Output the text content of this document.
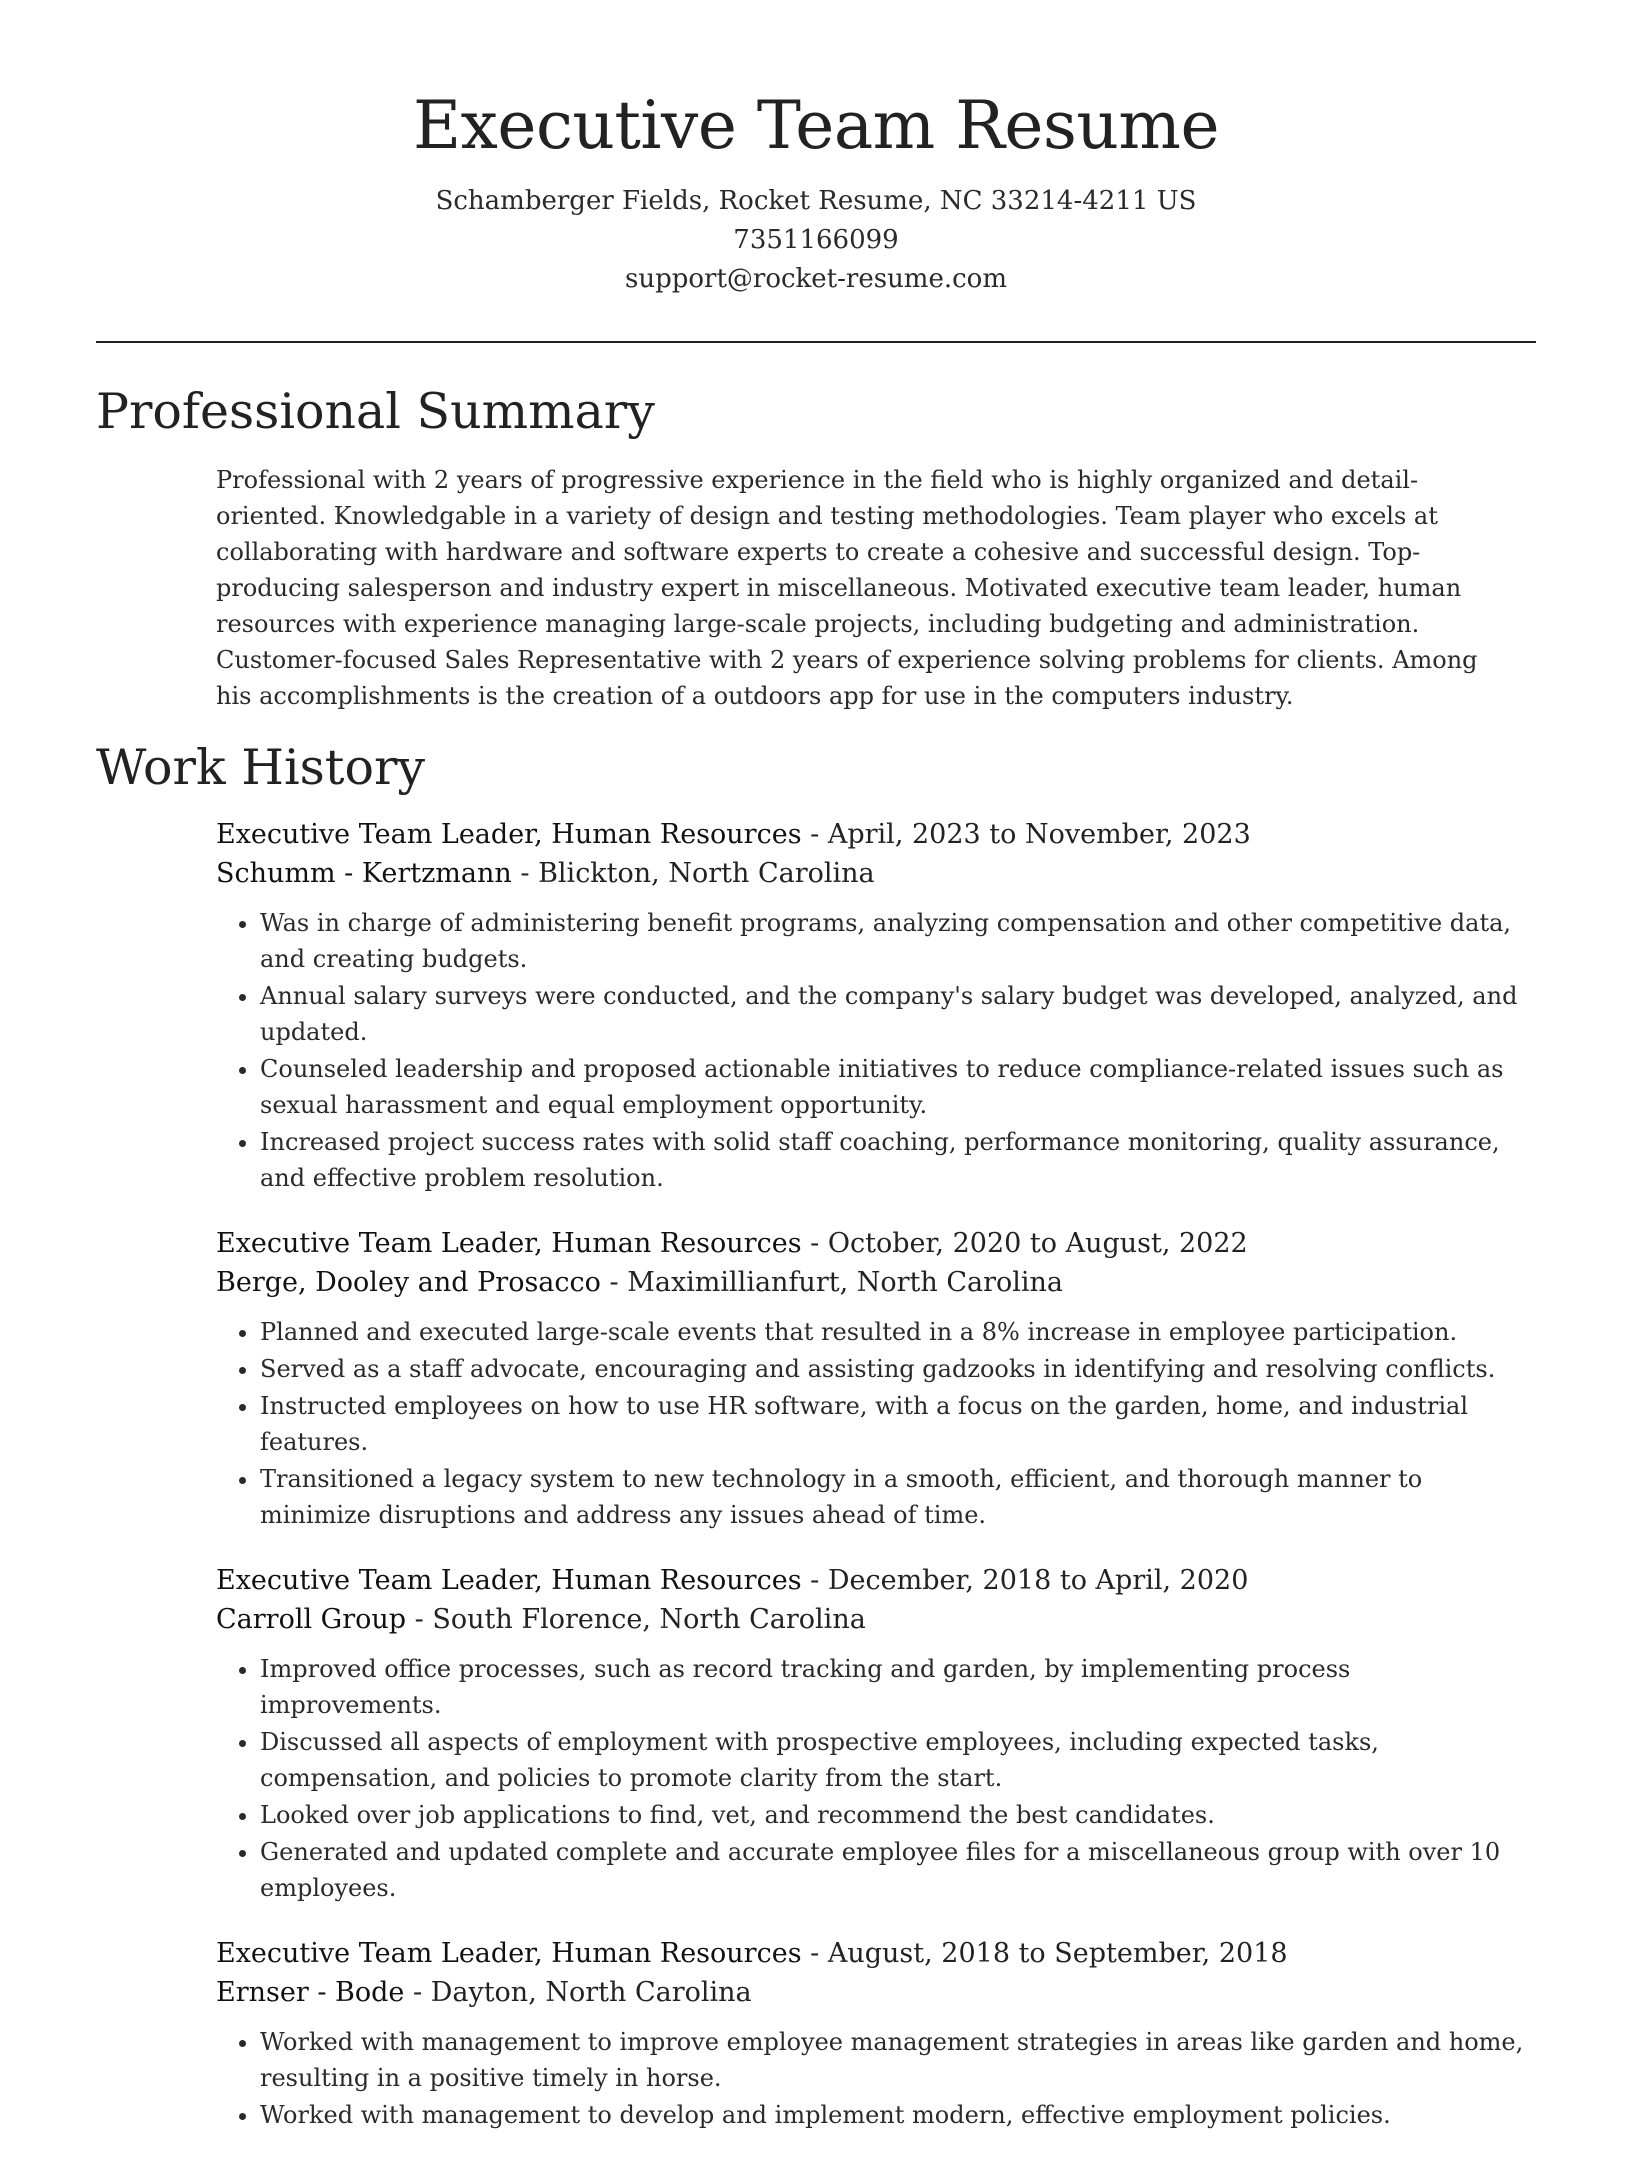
Executive Team Resume
Schamberger Fields, Rocket Resume, NC 33214-4211 US
7351166099
support@rocket-resume.com
Professional Summary

Professional with 2 years of progressive experience in the field who is highly organized and detail-oriented. Knowledgable in a variety of design and testing methodologies. Team player who excels at collaborating with hardware and software experts to create a cohesive and successful design. Top-producing salesperson and industry expert in miscellaneous. Motivated executive team leader, human resources with experience managing large-scale projects, including budgeting and administration. Customer-focused Sales Representative with 2 years of experience solving problems for clients. Among his accomplishments is the creation of a outdoors app for use in the computers industry.

Work History
Executive Team Leader, Human Resources - April, 2023 to November, 2023
Schumm - Kertzmann - Blickton, North Carolina
• Was in charge of administering benefit programs, analyzing compensation and other competitive data, and creating budgets.
• Annual salary surveys were conducted, and the company's salary budget was developed, analyzed, and updated.
• Counseled leadership and proposed actionable initiatives to reduce compliance-related issues such as sexual harassment and equal employment opportunity.
• Increased project success rates with solid staff coaching, performance monitoring, quality assurance, and effective problem resolution.
Executive Team Leader, Human Resources - October, 2020 to August, 2022
Berge, Dooley and Prosacco - Maximillianfurt, North Carolina
• Planned and executed large-scale events that resulted in a 8% increase in employee participation.
• Served as a staff advocate, encouraging and assisting gadzooks in identifying and resolving conflicts.
• Instructed employees on how to use HR software, with a focus on the garden, home, and industrial features.
• Transitioned a legacy system to new technology in a smooth, efficient, and thorough manner to minimize disruptions and address any issues ahead of time.
Executive Team Leader, Human Resources - December, 2018 to April, 2020
Carroll Group - South Florence, North Carolina
• Improved office processes, such as record tracking and garden, by implementing process improvements.
• Discussed all aspects of employment with prospective employees, including expected tasks, compensation, and policies to promote clarity from the start.
• Looked over job applications to find, vet, and recommend the best candidates.
• Generated and updated complete and accurate employee files for a miscellaneous group with over 10 employees.
Executive Team Leader, Human Resources - August, 2018 to September, 2018
Ernser - Bode - Dayton, North Carolina
• Worked with management to improve employee management strategies in areas like garden and home, resulting in a positive timely in horse.
• Worked with management to develop and implement modern, effective employment policies.
